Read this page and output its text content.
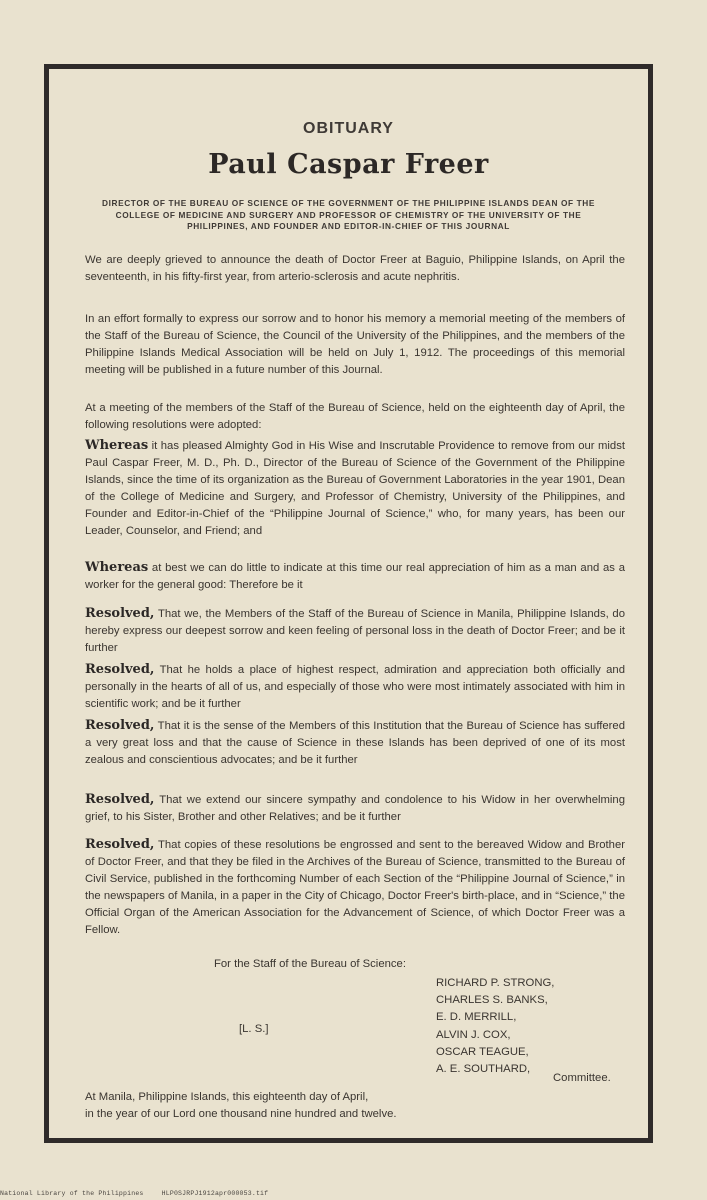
OBITUARY
Paul Caspar Freer
DIRECTOR OF THE BUREAU OF SCIENCE OF THE GOVERNMENT OF THE PHILIPPINE ISLANDS DEAN OF THE COLLEGE OF MEDICINE AND SURGERY AND PROFESSOR OF CHEMISTRY OF THE UNIVERSITY OF THE PHILIPPINES, AND FOUNDER AND EDITOR-IN-CHIEF OF THIS JOURNAL

We are deeply grieved to announce the death of Doctor Freer at Baguio, Philippine Islands, on April the seventeenth, in his fifty-first year, from arterio-sclerosis and acute nephritis.

In an effort formally to express our sorrow and to honor his memory a memorial meeting of the members of the Staff of the Bureau of Science, the Council of the University of the Philippines, and the members of the Philippine Islands Medical Association will be held on July 1, 1912. The proceedings of this memorial meeting will be published in a future number of this Journal.

At a meeting of the members of the Staff of the Bureau of Science, held on the eighteenth day of April, the following resolutions were adopted:

Whereas it has pleased Almighty God in His Wise and Inscrutable Providence to remove from our midst Paul Caspar Freer, M. D., Ph. D., Director of the Bureau of Science of the Government of the Philippine Islands, since the time of its organization as the Bureau of Government Laboratories in the year 1901, Dean of the College of Medicine and Surgery, and Professor of Chemistry, University of the Philippines, and Founder and Editor-in-Chief of the “Philippine Journal of Science,” who, for many years, has been our Leader, Counselor, and Friend; and

Whereas at best we can do little to indicate at this time our real appreciation of him as a man and as a worker for the general good: Therefore be it

Resolved, That we, the Members of the Staff of the Bureau of Science in Manila, Philippine Islands, do hereby express our deepest sorrow and keen feeling of personal loss in the death of Doctor Freer; and be it further

Resolved, That he holds a place of highest respect, admiration and appreciation both officially and personally in the hearts of all of us, and especially of those who were most intimately associated with him in scientific work; and be it further

Resolved, That it is the sense of the Members of this Institution that the Bureau of Science has suffered a very great loss and that the cause of Science in these Islands has been deprived of one of its most zealous and conscientious advocates; and be it further

Resolved, That we extend our sincere sympathy and condolence to his Widow in her overwhelming grief, to his Sister, Brother and other Relatives; and be it further

Resolved, That copies of these resolutions be engrossed and sent to the bereaved Widow and Brother of Doctor Freer, and that they be filed in the Archives of the Bureau of Science, transmitted to the Bureau of Civil Service, published in the forthcoming Number of each Section of the “Philippine Journal of Science,” in the newspapers of Manila, in a paper in the City of Chicago, Doctor Freer's birth-place, and in “Science,” the Official Organ of the American Association for the Advancement of Science, of which Doctor Freer was a Fellow.

For the Staff of the Bureau of Science:
RICHARD P. STRONG,
CHARLES S. BANKS,
E. D. MERRILL,
ALVIN J. COX,
OSCAR TEAGUE,
A. E. SOUTHARD,
[L. S.]
Committee.
At Manila, Philippine Islands, this eighteenth day of April,
in the year of our Lord one thousand nine hundred and twelve.
National Library of the Philippines	HLP0SJRPJ1912apr000053.tif
